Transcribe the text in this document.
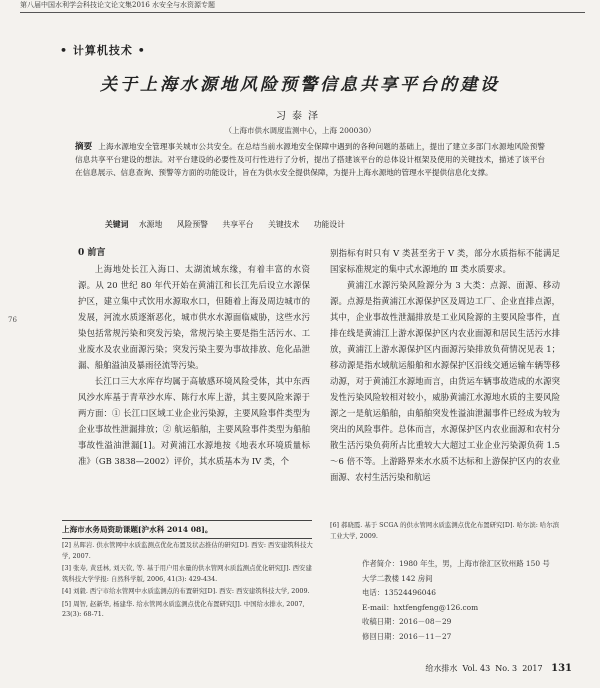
第八届中国水利学会科技论文论文集2016 水安全与水资源专题
76
• 计算机技术 •
关于上海水源地风险预警信息共享平台的建设
习泰泽
（上海市供水调度监测中心，上海 200030）
摘要 上海水源地安全管理事关城市公共安全。在总结当前水源地安全保障中遇到的各种问题的基础上，提出了建立多部门水源地风险预警信息共享平台建设的想法。对平台建设的必要性及可行性进行了分析，提出了搭建该平台的总体设计框架及使用的关键技术，描述了该平台在信息展示、信息查询、预警等方面的功能设计，旨在为供水安全提供保障，为提升上海水源地的管理水平提供信息化支撑。
关键词 水源地 风险预警 共享平台 关键技术 功能设计
0 前言

上海地处长江入海口、太湖流域东缘，有着丰富的水资源。从 20 世纪 80 年代开始在黄浦江和长江先后设立水源保护区，建立集中式饮用水源取水口，但随着上海及周边城市的发展，河流水质逐渐恶化，城市供水水源面临威胁，这些水污染包括常规污染和突发污染，常规污染主要是指生活污水、工业废水及农业面源污染；突发污染主要为事故排放、危化品泄漏、船舶溢油及暴雨径流等污染。

长江口三大水库存均属于高敏感环境风险受体，其中东西风沙水库基于青草沙水库、陈行水库上游，其主要风险来源于两方面：① 长江口区域工业企业污染源，主要风险事件类型为企业事故性泄漏排放；② 航运船舶，主要风险事件类型为船舶事故性溢油泄漏[1]。对黄浦江水源地按《地表水环境质量标准》（GB 3838—2002）评价，其水质基本为 IV 类，个

别指标有时只有 V 类甚至劣于 V 类，部分水质指标不能满足国家标准规定的集中式水源地的 Ⅲ 类水质要求。

黄浦江水源污染风险源分为 3 大类：点源、面源、移动源。点源是指黄浦江水源保护区及周边工厂、企业直排点源，其中，企业事故性泄漏排放是工业风险源的主要风险事件，直排在线是黄浦江上游水源保护区内农业面源和居民生活污水排放，黄浦江上游水源保护区内面源污染排放负荷情况见表 1；移动源是指水域航运船舶和水源保护区沿线交通运输车辆等移动源，对于黄浦江水源地而言，由货运车辆事故造成的水源突发性污染风险较相对较小，威胁黄浦江水源地水质的主要风险源之一是航运船舶，由船舶突发性溢油泄漏事件已经成为较为突出的风险事件。总体而言，水源保护区内农业面源和农村分散生活污染负荷所占比重较大大超过工业企业污染源负荷 1.5～6 倍不等。上游路界来水水质不达标和上游保护区内的农业面源、农村生活污染和航运

上海市水务局资助课题[沪水科 2014 08]。
[2] 丛晖岩. 供水管网中水质监测点优化布置及状态推估的研究[D]. 西安: 西安建筑科技大学, 2007.
[3] 张寿, 黄廷林, 刘天钦, 等. 基于用户用水量的供水管网水质监测点优化研究[J]. 西安建筑科技大学学报: 自然科学版, 2006, 41(3): 429-434.
[4] 刘毅. 西宁市给水管网中水质监测点的布置研究[D]. 西安: 西安建筑科技大学, 2009.
[5] 周智, 赵新华, 杨建华. 给水管网水质监测点优化布置研究[J]. 中国给水排水, 2007, 23(3): 68-71.
[6] 郝晓霞. 基于 SCGA 的供水管网水质监测点优化布置研究[D]. 哈尔滨: 哈尔滨工业大学, 2009.
作者简介：1980 年生，男，上海市徐汇区钦州路 150 号
大学二教楼 142 房间
电话：13524496046
E-mail：hxtfengfeng@126.com
收稿日期：2016－08－29
修回日期：2016－11－27
给水排水 Vol. 43 No. 3 2017 131
